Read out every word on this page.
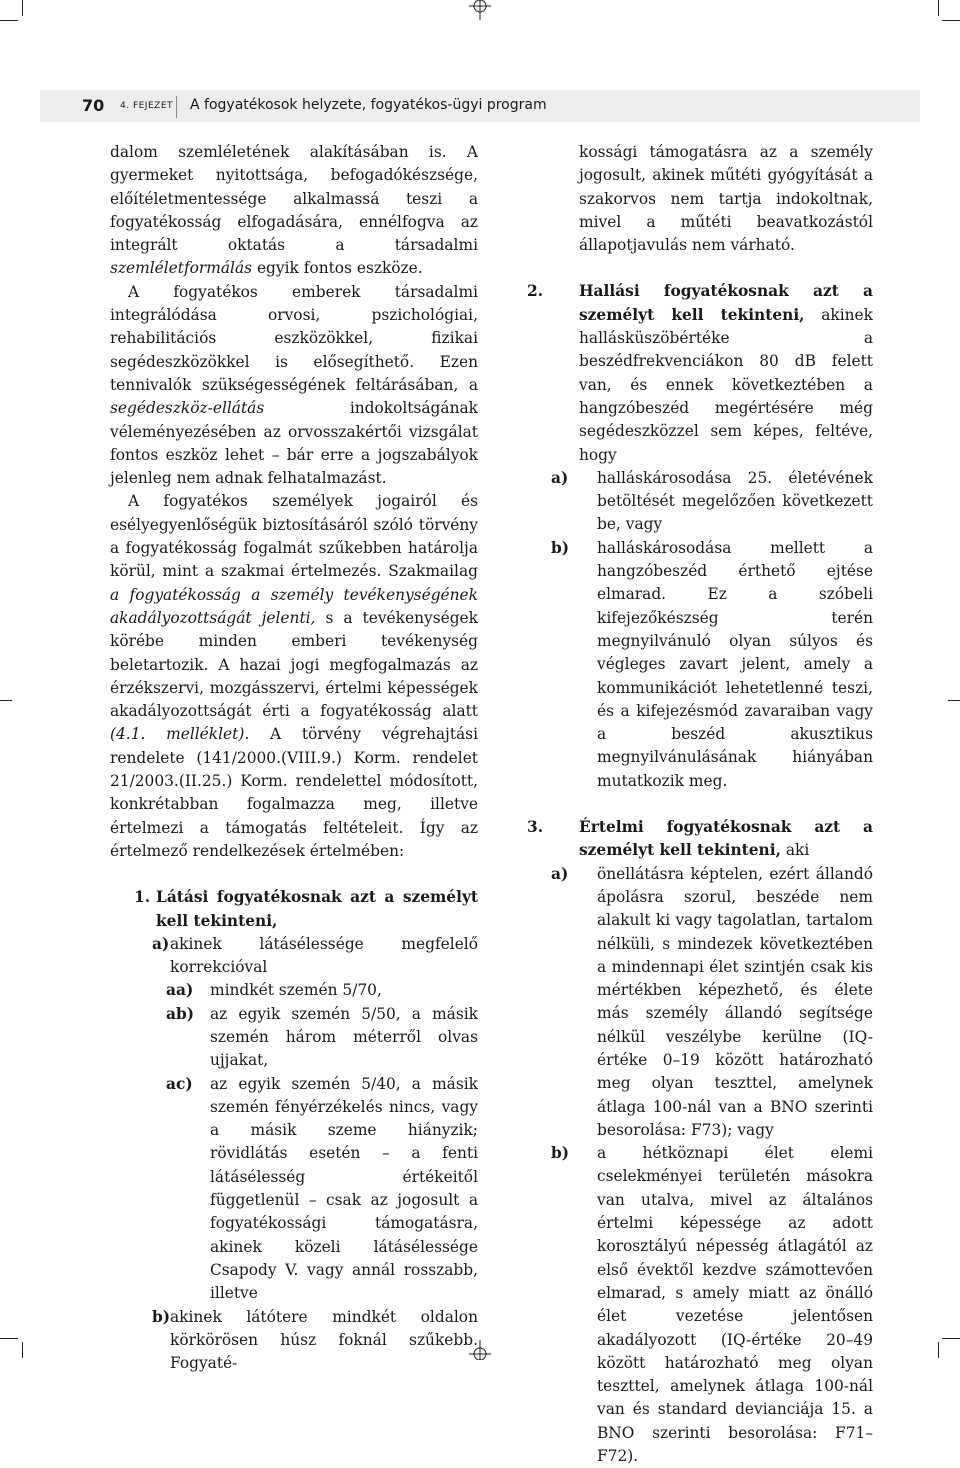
70 4. FEJEZET A fogyatékosok helyzete, fogyatékos-ügyi program

dalom szemléletének alakításában is. A gyermeket nyitottsága, befogadókészsége, előítéletmentessége alkalmassá teszi a fogyatékosság elfogadására, ennélfogva az integrált oktatás a társadalmi szemléletformálás egyik fontos eszköze.

A fogyatékos emberek társadalmi integrálódása orvosi, pszichológiai, rehabilitációs eszközökkel, fizikai segédeszközökkel is elősegíthető. Ezen tennivalók szükségességének feltárásában, a segédeszköz-ellátás indokoltságának véleményezésében az orvosszakértői vizsgálat fontos eszköz lehet – bár erre a jogszabályok jelenleg nem adnak felhatalmazást.

A fogyatékos személyek jogairól és esélyegyenlőségük biztosításáról szóló törvény a fogyatékosság fogalmát szűkebben határolja körül, mint a szakmai értelmezés. Szakmailag a fogyatékosság a személy tevékenységének akadályozottságát jelenti, s a tevékenységek körébe minden emberi tevékenység beletartozik. A hazai jogi megfogalmazás az érzékszervi, mozgásszervi, értelmi képességek akadályozottságát érti a fogyatékosság alatt (4.1. melléklet). A törvény végrehajtási rendelete (141/2000.(VIII.9.) Korm. rendelet 21/2003.(II.25.) Korm. rendelettel módosított, konkrétabban fogalmazza meg, illetve értelmezi a támogatás feltételeit. Így az értelmező rendelkezések értelmében:

1. Látási fogyatékosnak azt a személyt kell tekinteni,
a) akinek látásélessége megfelelő korrekcióval
aa) mindkét szemén 5/70,
ab) az egyik szemén 5/50, a másik szemén három méterről olvas ujjakat,
ac) az egyik szemén 5/40, a másik szemén fényérzékelés nincs, vagy a másik szeme hiányzik; rövidlátás esetén – a fenti látásélesség értékeitől függetlenül – csak az jogosult a fogyatékossági támogatásra, akinek közeli látásélessége Csapody V. vagy annál rosszabb, illetve
b) akinek látótere mindkét oldalon körkörösen húsz foknál szűkebb. Fogyaté-
kossági támogatásra az a személy jogosult, akinek műtéti gyógyítását a szakorvos nem tartja indokoltnak, mivel a műtéti beavatkozástól állapotjavulás nem várható.
2. Hallási fogyatékosnak azt a személyt kell tekinteni, akinek hallásküszöbértéke a beszédfrekvenciákon 80 dB felett van, és ennek következtében a hangzóbeszéd megértésére még segédeszközzel sem képes, feltéve, hogy
a) halláskárosodása 25. életévének betöltését megelőzően következett be, vagy
b) halláskárosodása mellett a hangzóbeszéd érthető ejtése elmarad. Ez a szóbeli kifejezőkészség terén megnyilvánuló olyan súlyos és végleges zavart jelent, amely a kommunikációt lehetetlenné teszi, és a kifejezésmód zavaraiban vagy a beszéd akusztikus megnyilvánulásának hiányában mutatkozik meg.
3. Értelmi fogyatékosnak azt a személyt kell tekinteni, aki
a) önellátásra képtelen, ezért állandó ápolásra szorul, beszéde nem alakult ki vagy tagolatlan, tartalom nélküli, s mindezek következtében a mindennapi élet szintjén csak kis mértékben képezhető, és élete más személy állandó segítsége nélkül veszélybe kerülne (IQ-értéke 0–19 között határozható meg olyan teszttel, amelynek átlaga 100-nál van a BNO szerinti besorolása: F73); vagy
b) a hétköznapi élet elemi cselekményei területén másokra van utalva, mivel az általános értelmi képessége az adott korosztályú népesség átlagától az első évektől kezdve számottevően elmarad, s amely miatt az önálló élet vezetése jelentősen akadályozott (IQ-értéke 20–49 között határozható meg olyan teszttel, amelynek átlaga 100-nál van és standard devianciája 15. a BNO szerinti besorolása: F71–F72).
